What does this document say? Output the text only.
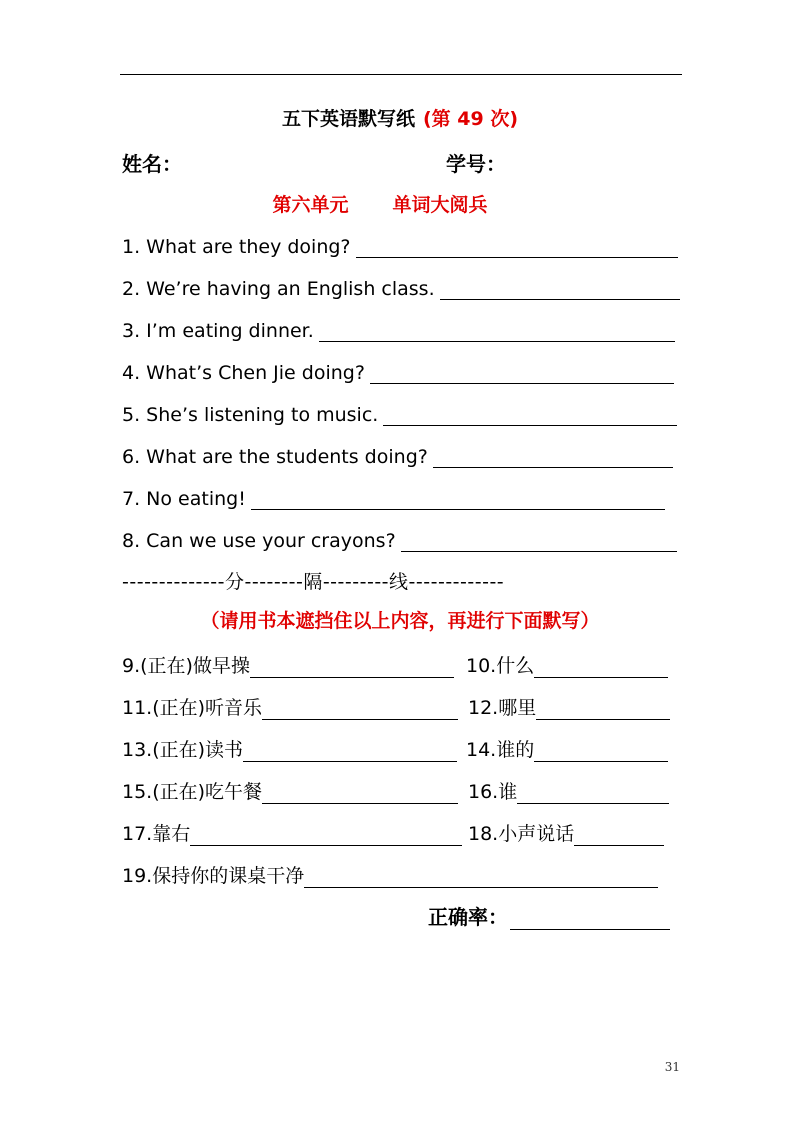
五下英语默写纸 (第 49 次)
姓名：	学号：
第六单元 单词大阅兵
1. What are they doing?
2. We’re having an English class.
3. I’m eating dinner.
4. What’s Chen Jie doing?
5. She’s listening to music.
6. What are the students doing?
7. No eating!
8. Can we use your crayons?
--------------分--------隔---------线-------------
（请用书本遮挡住以上内容，再进行下面默写）
9.(正在)做早操	10.什么
11.(正在)听音乐	12.哪里
13.(正在)读书	14.谁的
15.(正在)吃午餐	16.谁
17.靠右	18.小声说话
19.保持你的课桌干净
正确率：
31
